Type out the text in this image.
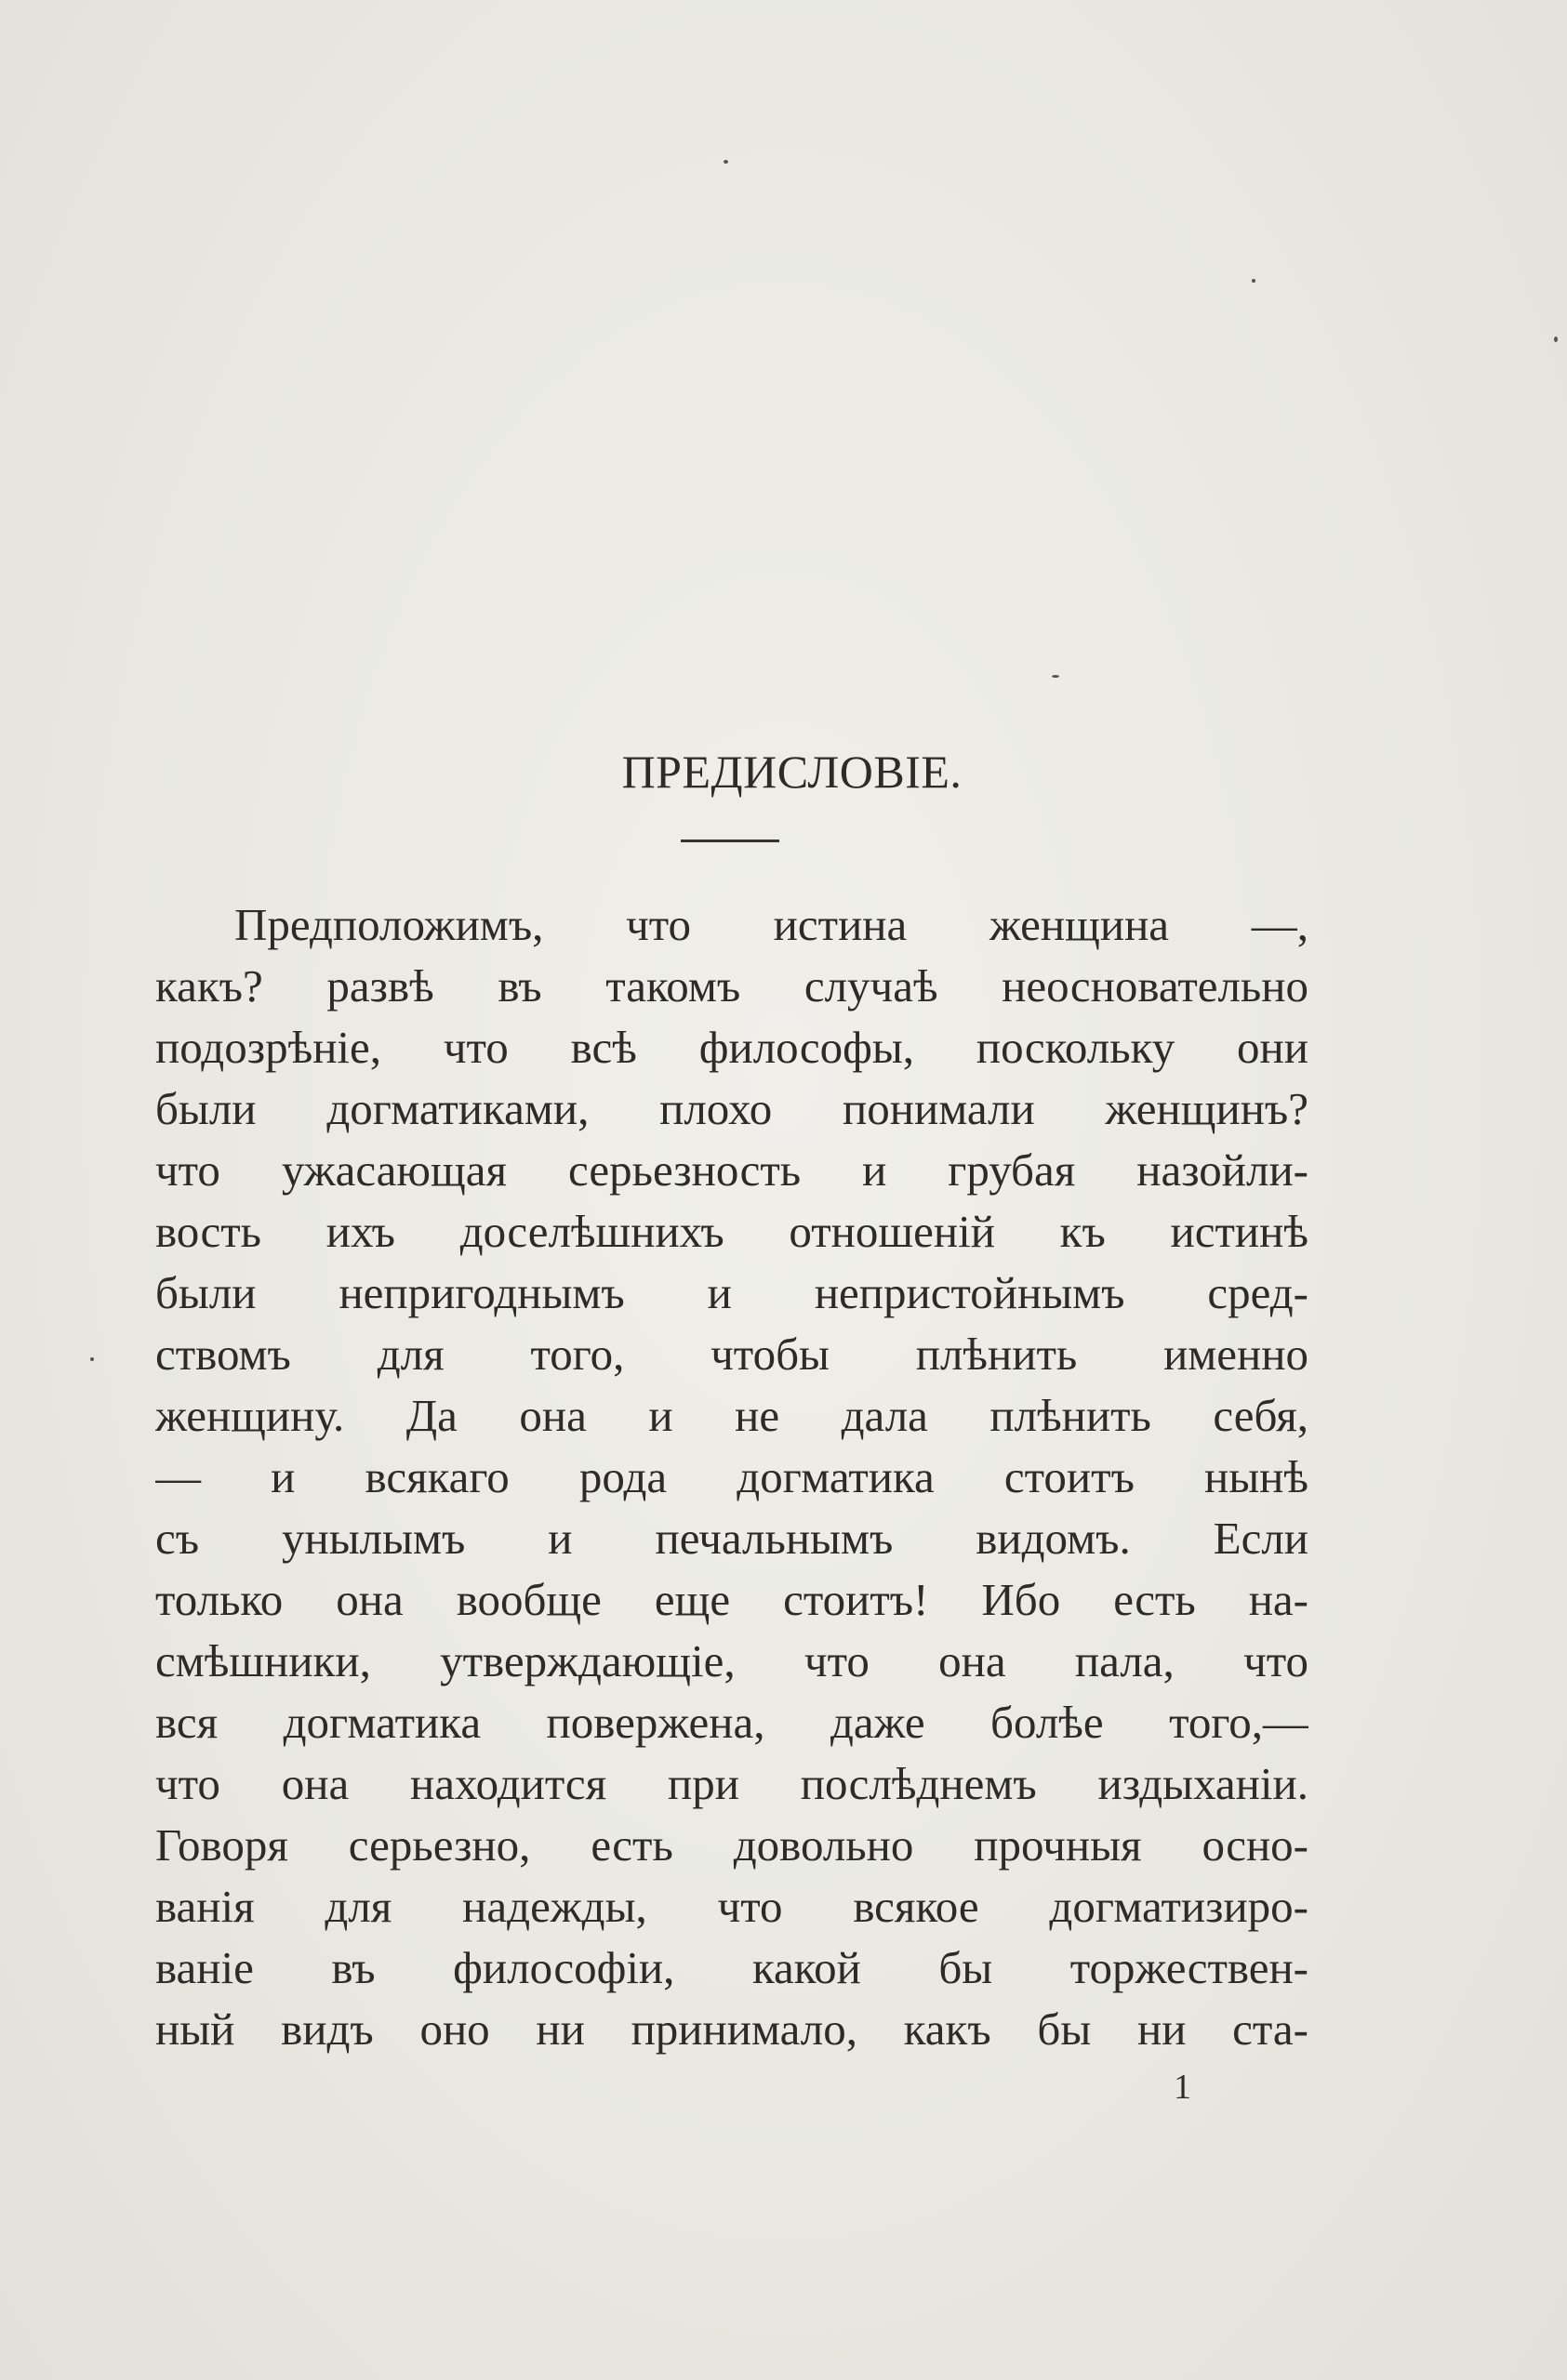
ПРЕДИСЛОВІЕ.
Предположимъ, что истина женщина —,
какъ? развѣ въ такомъ случаѣ неосновательно
подозрѣніе, что всѣ философы, поскольку они
были догматиками, плохо понимали женщинъ?
что ужасающая серьезность и грубая назойли-
вость ихъ доселѣшнихъ отношеній къ истинѣ
были непригоднымъ и непристойнымъ сред-
ствомъ для того, чтобы плѣнить именно
женщину. Да она и не дала плѣнить себя,
— и всякаго рода догматика стоитъ нынѣ
съ унылымъ и печальнымъ видомъ. Если
только она вообще еще стоитъ! Ибо есть на-
смѣшники, утверждающіе, что она пала, что
вся догматика повержена, даже болѣе того,—
что она находится при послѣднемъ издыханіи.
Говоря серьезно, есть довольно прочныя осно-
ванія для надежды, что всякое догматизиро-
ваніе въ философіи, какой бы торжествен-
ный видъ оно ни принимало, какъ бы ни ста-
1
